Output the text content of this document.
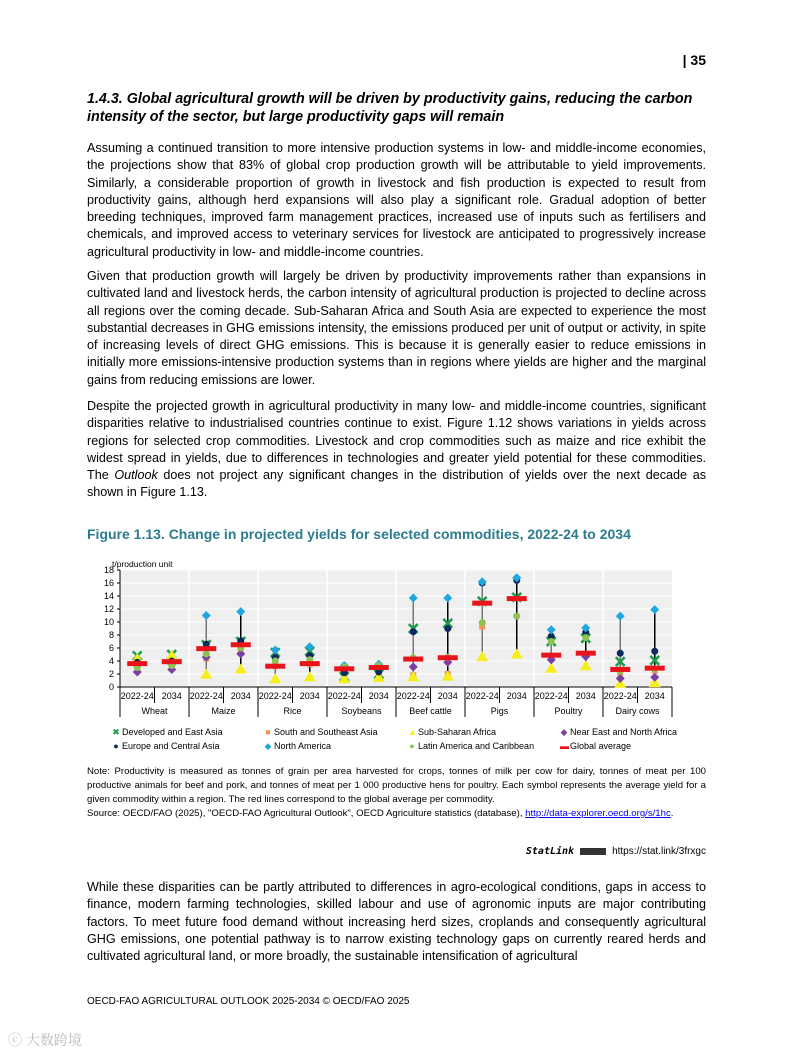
| 35
1.4.3. Global agricultural growth will be driven by productivity gains, reducing the carbon intensity of the sector, but large productivity gaps will remain

Assuming a continued transition to more intensive production systems in low- and middle-income economies, the projections show that 83% of global crop production growth will be attributable to yield improvements. Similarly, a considerable proportion of growth in livestock and fish production is expected to result from productivity gains, although herd expansions will also play a significant role. Gradual adoption of better breeding techniques, improved farm management practices, increased use of inputs such as fertilisers and chemicals, and improved access to veterinary services for livestock are anticipated to progressively increase agricultural productivity in low- and middle-income countries.

Given that production growth will largely be driven by productivity improvements rather than expansions in cultivated land and livestock herds, the carbon intensity of agricultural production is projected to decline across all regions over the coming decade. Sub-Saharan Africa and South Asia are expected to experience the most substantial decreases in GHG emissions intensity, the emissions produced per unit of output or activity, in spite of increasing levels of direct GHG emissions. This is because it is generally easier to reduce emissions in initially more emissions-intensive production systems than in regions where yields are higher and the marginal gains from reducing emissions are lower.

Despite the projected growth in agricultural productivity in many low- and middle-income countries, significant disparities relative to industrialised countries continue to exist. Figure 1.12 shows variations in yields across regions for selected crop commodities. Livestock and crop commodities such as maize and rice exhibit the widest spread in yields, due to differences in technologies and greater yield potential for these commodities. The Outlook does not project any significant changes in the distribution of yields over the next decade as shown in Figure 1.13.

Figure 1.13. Change in projected yields for selected commodities, 2022-24 to 2034

0
2
4
6
8
10
12
14
16
18
t/production unit
2022-24 2034 2022-24 2034 2022-24 2034 2022-24 2034 2022-24 2034 2022-24 2034 2022-24 2034 2022-24 2034
Wheat	Maize	Rice	Soybeans	Beef cattle	Pigs	Poultry	Dairy cows
✖ Developed and East Asia	■ South and Southeast Asia	▲Sub-Saharan Africa	◆ Near East and North Africa
● Europe and Central Asia	◆ North America	● Latin America and Caribbean	▬Global average

Note: Productivity is measured as tonnes of grain per area harvested for crops, tonnes of milk per cow for dairy, tonnes of meat per 100 productive animals for beef and pork, and tonnes of meat per 1 000 productive hens for poultry. Each symbol represents the average yield for a given commodity within a region. The red lines correspond to the global average per commodity.
Source: OECD/FAO (2025), "OECD-FAO Agricultural Outlook", OECD Agriculture statistics (database), http://data-explorer.oecd.org/s/1hc.

StatLink	https://stat.link/3frxgc

While these disparities can be partly attributed to differences in agro-ecological conditions, gaps in access to finance, modern farming technologies, skilled labour and use of agronomic inputs are major contributing factors. To meet future food demand without increasing herd sizes, croplands and consequently agricultural GHG emissions, one potential pathway is to narrow existing technology gaps on currently reared herds and cultivated agricultural land, or more broadly, the sustainable intensification of agricultural

OECD-FAO AGRICULTURAL OUTLOOK 2025-2034 © OECD/FAO 2025
ⓒ 大数跨境
